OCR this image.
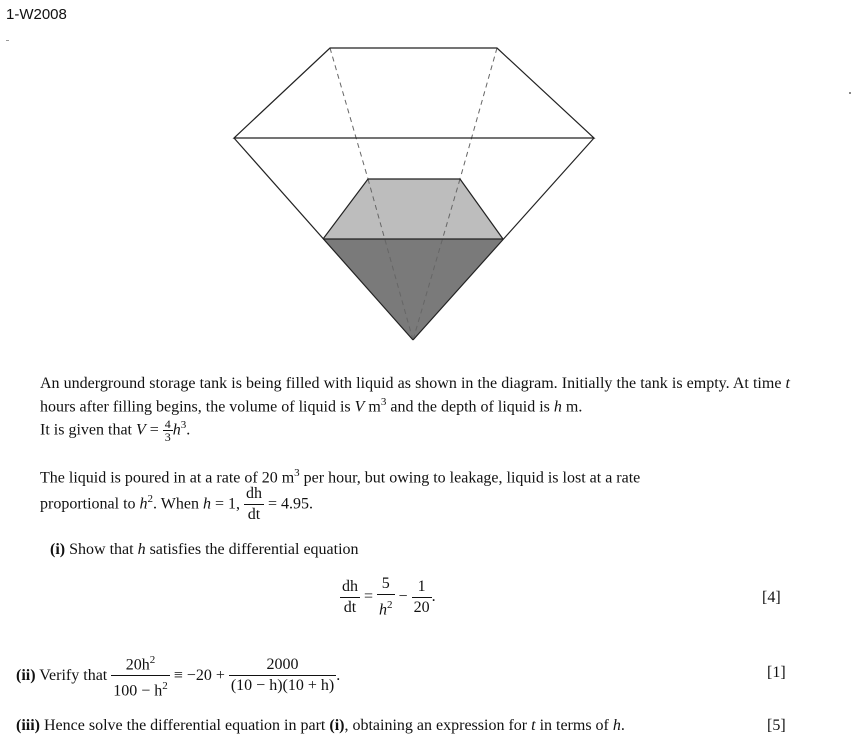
1-W2008
An underground storage tank is being filled with liquid as shown in the diagram. Initially the tank is empty. At time t hours after filling begins, the volume of liquid is V $m^3$ and the depth of liquid is h m.
It is given that $V = \frac{4}{3} h^3$.
The liquid is poured in at a rate of 20 $m^3$ per hour, but owing to leakage, liquid is lost at a rate
proportional to $h^2$. When h = 1, $\frac{dh}{dt} = 4.95$.
(i) Show that h satisfies the differential equation
$\frac{dh}{dt} = \frac{5}{h^2} - \frac{1}{20}$ .	[4]
(ii) Verify that $\frac{20h^2}{100 - h^2} \equiv -20 + \frac{2000}{(10 - h)(10 + h)}$ .	[1]
(iii) Hence solve the differential equation in part (i), obtaining an expression for t in terms of h.	[5]
